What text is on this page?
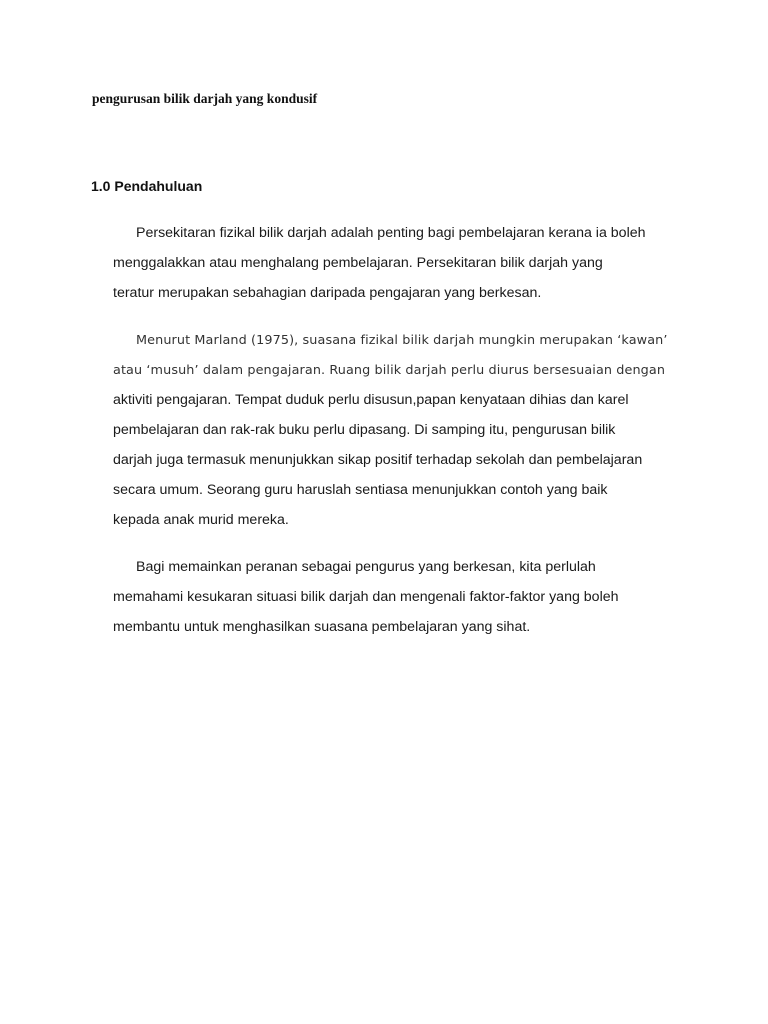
pengurusan bilik darjah yang kondusif
1.0 Pendahuluan
Persekitaran fizikal bilik darjah adalah penting bagi pembelajaran kerana ia boleh
menggalakkan atau menghalang pembelajaran. Persekitaran bilik darjah yang
teratur merupakan sebahagian daripada pengajaran yang berkesan.
Menurut Marland (1975), suasana fizikal bilik darjah mungkin merupakan ‘kawan’
atau ‘musuh’ dalam pengajaran. Ruang bilik darjah perlu diurus bersesuaian dengan
aktiviti pengajaran. Tempat duduk perlu disusun,papan kenyataan dihias dan karel
pembelajaran dan rak-rak buku perlu dipasang. Di samping itu, pengurusan bilik
darjah juga termasuk menunjukkan sikap positif terhadap sekolah dan pembelajaran
secara umum. Seorang guru haruslah sentiasa menunjukkan contoh yang baik
kepada anak murid mereka.
Bagi memainkan peranan sebagai pengurus yang berkesan, kita perlulah
memahami kesukaran situasi bilik darjah dan mengenali faktor-faktor yang boleh
membantu untuk menghasilkan suasana pembelajaran yang sihat.
